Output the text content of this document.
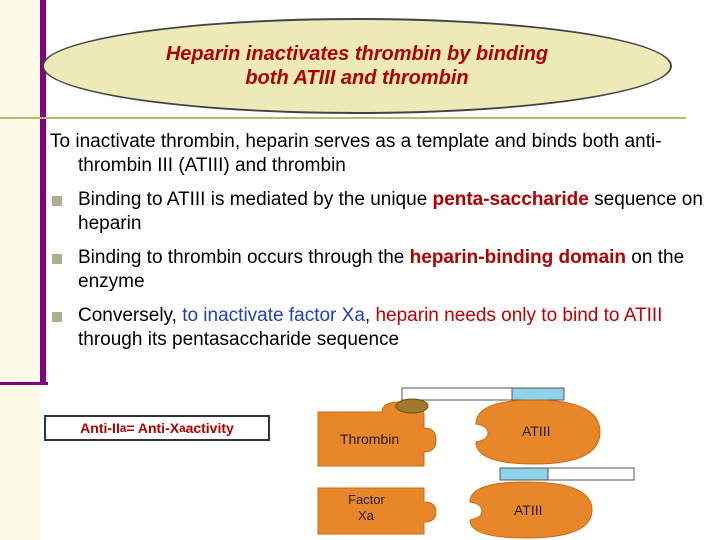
Heparin inactivates thrombin by binding
both ATIII and thrombin
To inactivate thrombin, heparin serves as a template and binds both anti-thrombin III (ATIII) and thrombin
Binding to ATIII is mediated by the unique penta-saccharide sequence on heparin
Binding to thrombin occurs through the heparin-binding domain on the enzyme
Conversely, to inactivate factor Xa, heparin needs only to bind to ATIII through its pentasaccharide sequence
Anti-II a = Anti-X a activity
Thrombin	ATIII
Factor
Xa	ATIII
